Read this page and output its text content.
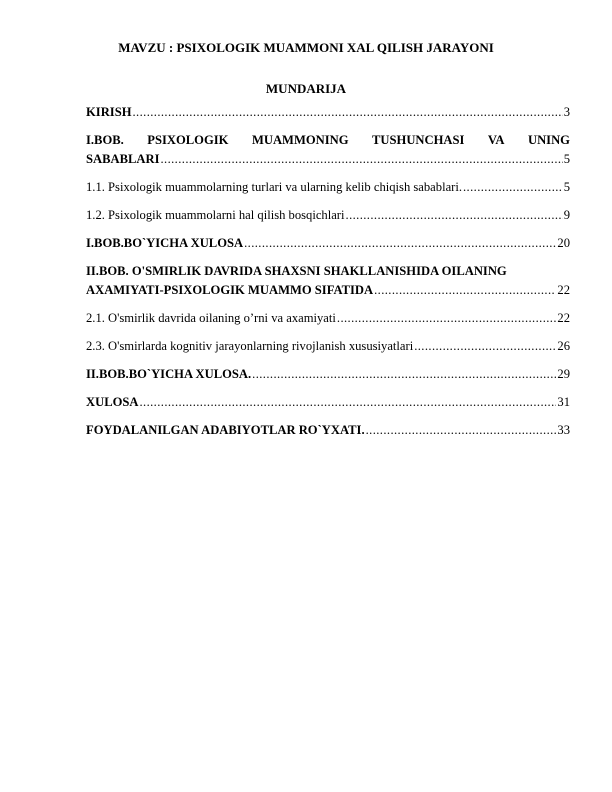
MAVZU : PSIXOLOGIK MUAMMONI XAL QILISH JARAYONI
MUNDARIJA
KIRISH .....	3
I.BOB. PSIXOLOGIK MUAMMONING TUSHUNCHASI VA UNING
SABABLARI .....	5
1.1. Psixologik muammolarning turlari va ularning kelib chiqish sabablari. .....	5
1.2. Psixologik muammolarni hal qilish bosqichlari .....	9
I.BOB.BO`YICHA XULOSA .....	20
II.BOB. O'SMIRLIK DAVRIDA SHAXSNI SHAKLLANISHIDA OILANING
AXAMIYATI-PSIXOLOGIK MUAMMO SIFATIDA .....	22
2.1. O'smirlik davrida oilaning o’rni va axamiyati .....	22
2.3. O'smirlarda kognitiv jarayonlarning rivojlanish xususiyatlari .....	26
II.BOB.BO`YICHA XULOSA. .....	29
XULOSA .....	31
FOYDALANILGAN ADABIYOTLAR RO`YXATI. .....	33
